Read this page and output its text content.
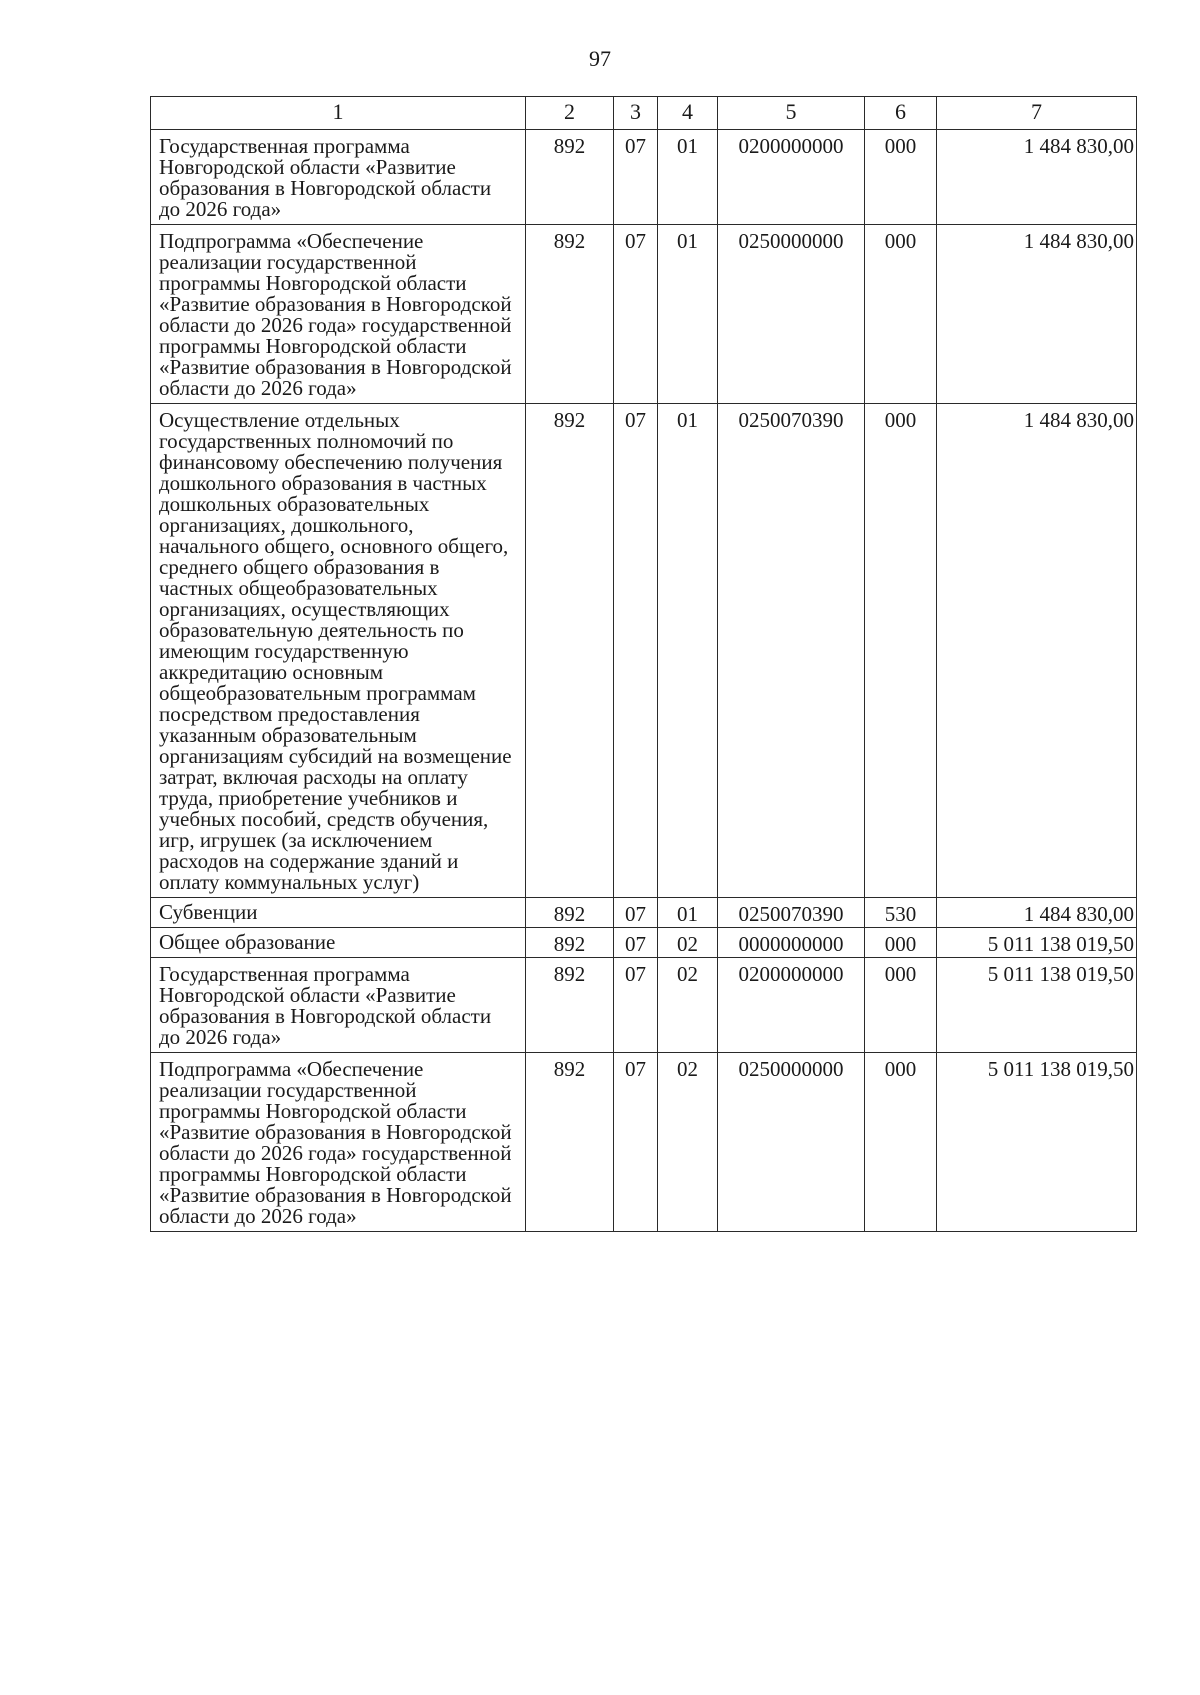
97
1	2	3	4	5	6	7
Государственная программа Новгородской области «Развитие образования в Новгородской области до 2026 года»	892	07	01	0200000000	000	1 484 830,00
Подпрограмма «Обеспечение реализации государственной программы Новгородской области «Развитие образования в Новгородской области до 2026 года» государственной программы Новгородской области «Развитие образования в Новгородской области до 2026 года»	892	07	01	0250000000	000	1 484 830,00
Осуществление отдельных государственных полномочий по финансовому обеспечению получения дошкольного образования в частных дошкольных образовательных организациях, дошкольного, начального общего, основного общего, среднего общего образования в частных общеобразовательных организациях, осуществляющих образовательную деятельность по имеющим государственную аккредитацию основным общеобразовательным программам посредством предоставления указанным образовательным организациям субсидий на возмещение затрат, включая расходы на оплату труда, приобретение учебников и учебных пособий, средств обучения, игр, игрушек (за исключением расходов на содержание зданий и оплату коммунальных услуг)	892	07	01	0250070390	000	1 484 830,00
Субвенции	892	07	01	0250070390	530	1 484 830,00
Общее образование	892	07	02	0000000000	000	5 011 138 019,50
Государственная программа Новгородской области «Развитие образования в Новгородской области до 2026 года»	892	07	02	0200000000	000	5 011 138 019,50
Подпрограмма «Обеспечение реализации государственной программы Новгородской области «Развитие образования в Новгородской области до 2026 года» государственной программы Новгородской области «Развитие образования в Новгородской области до 2026 года»	892	07	02	0250000000	000	5 011 138 019,50
